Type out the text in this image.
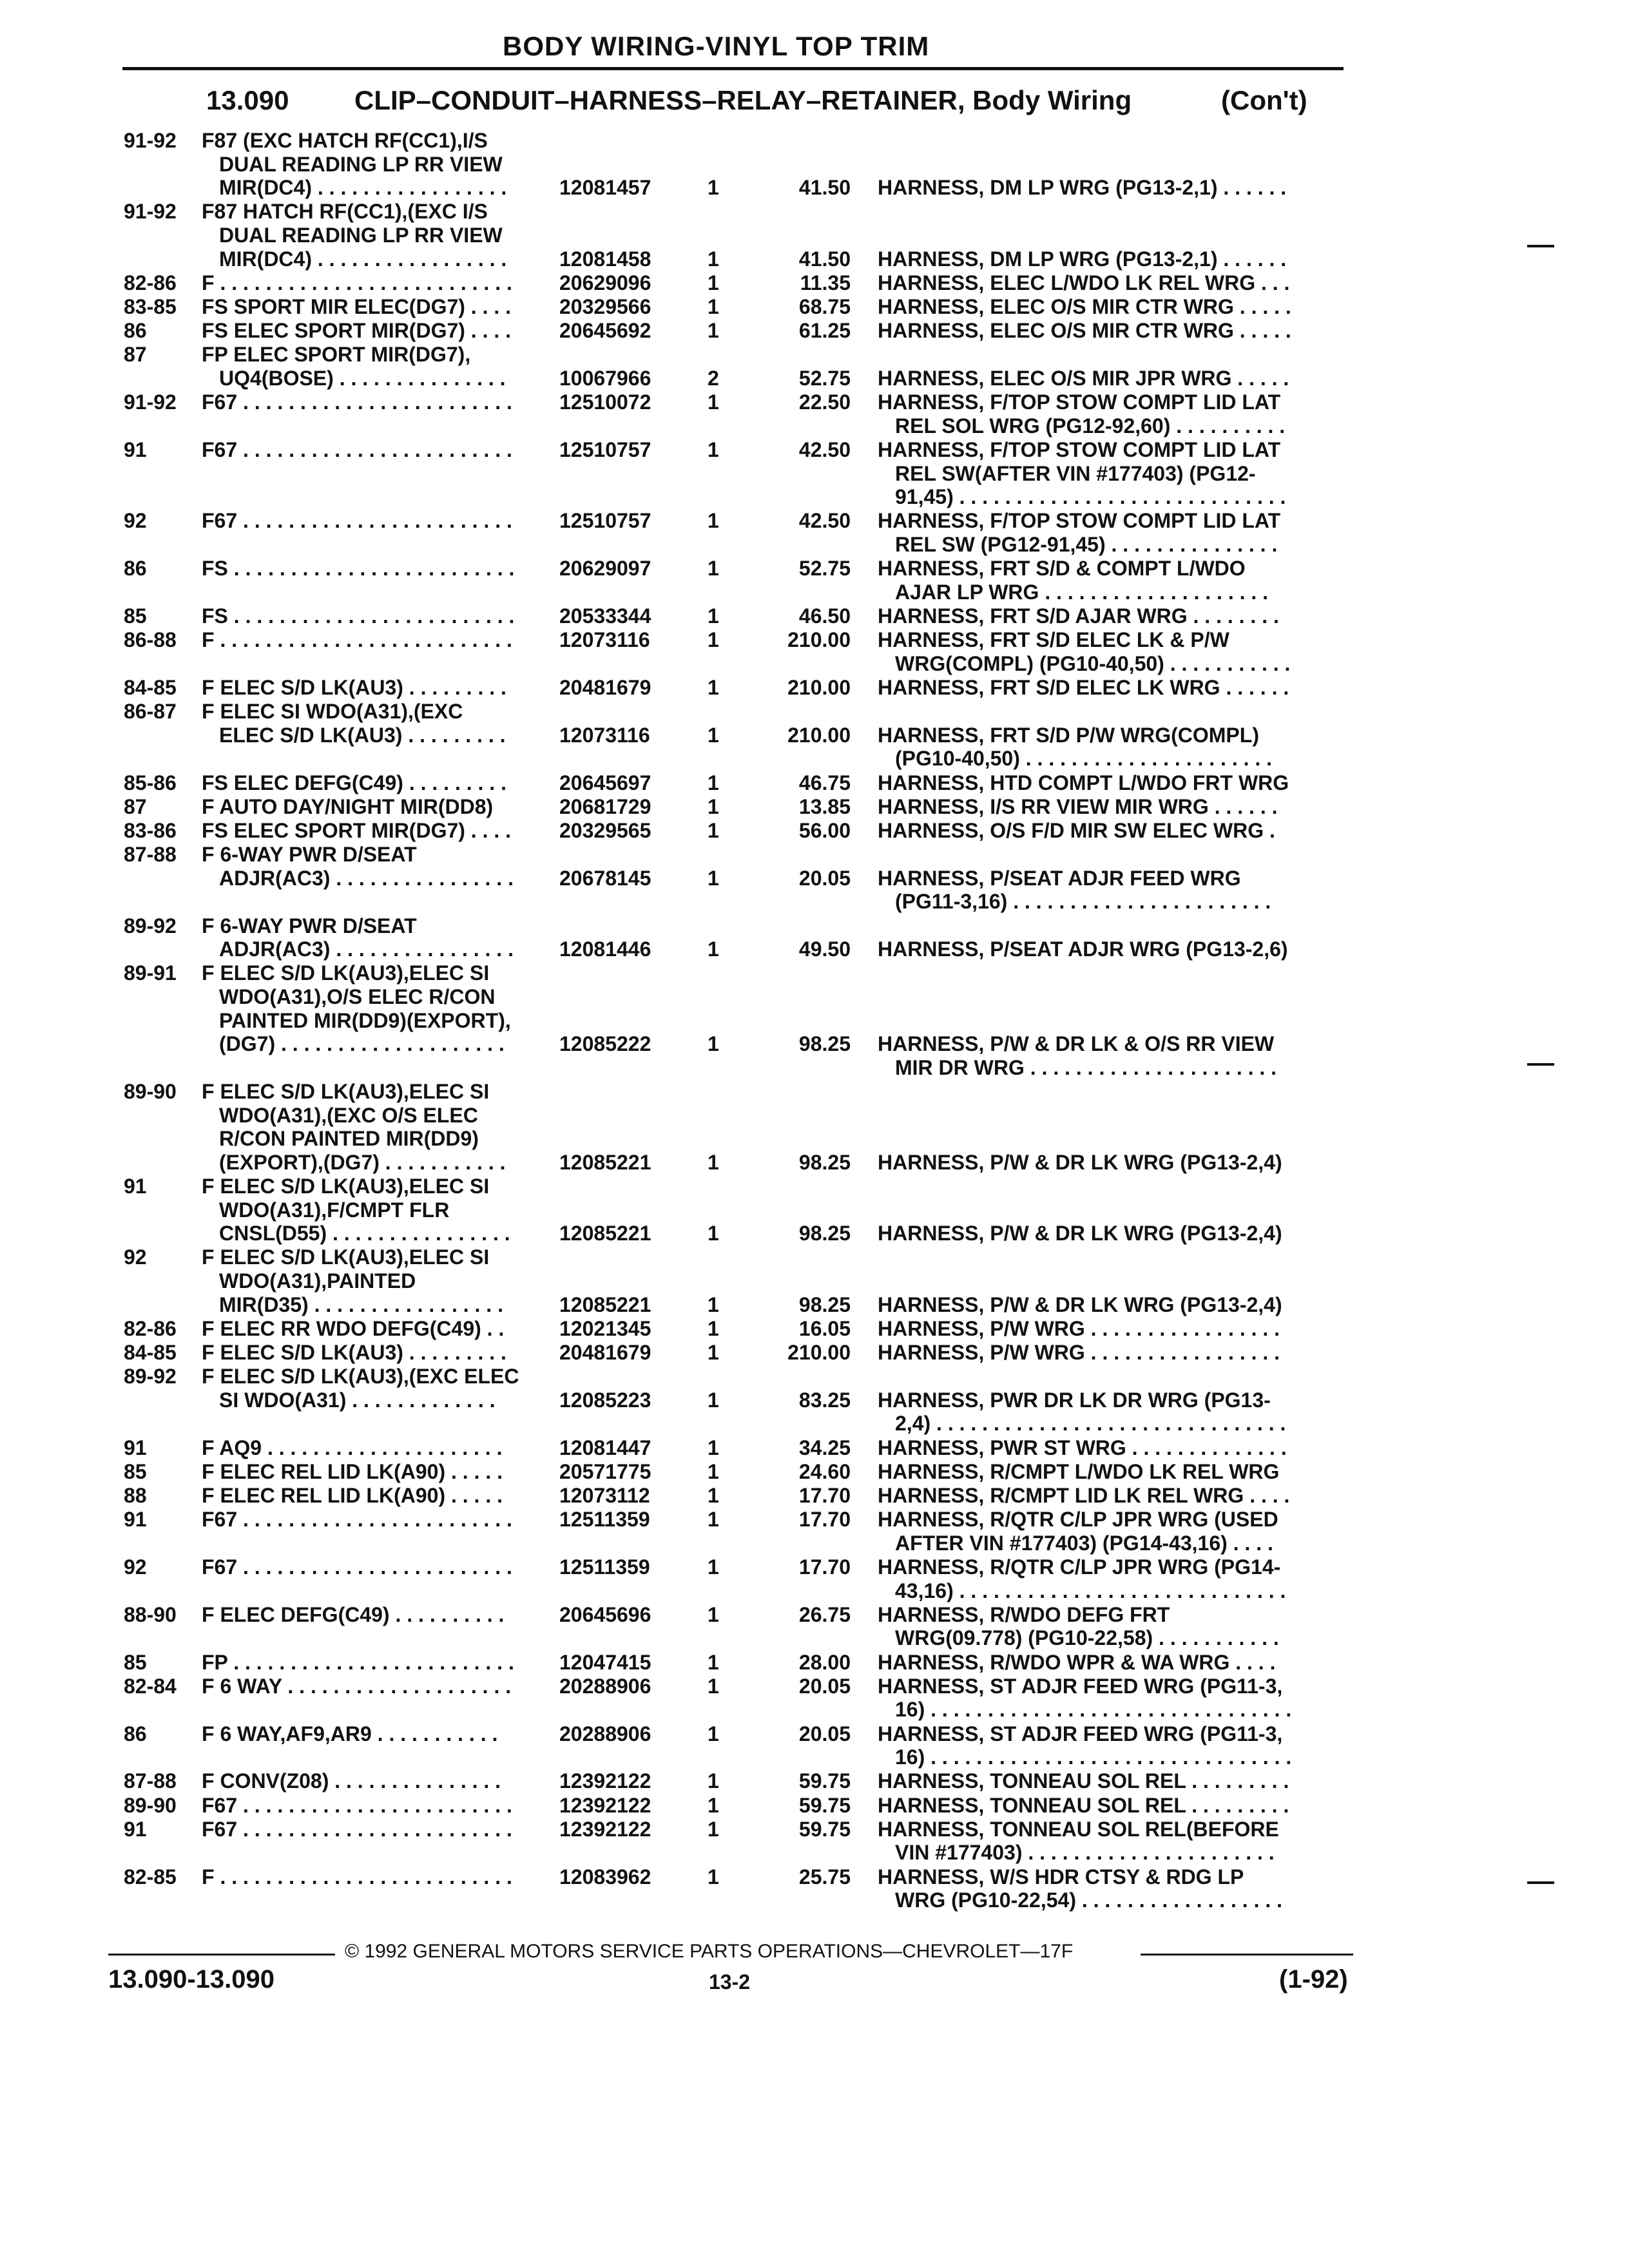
BODY WIRING-VINYL TOP TRIM
13.090 CLIP–CONDUIT–HARNESS–RELAY–RETAINER, Body Wiring	(Con't)
91-92 F87 (EXC HATCH RF(CC1),I/S
DUAL READING LP RR VIEW
MIR(DC4) . . . . . . . . . . . . . . . . .	12081457	1	41.50 HARNESS, DM LP WRG (PG13-2,1) . . . . . .
91-92 F87 HATCH RF(CC1),(EXC I/S
DUAL READING LP RR VIEW
MIR(DC4) . . . . . . . . . . . . . . . . .	12081458	1	41.50 HARNESS, DM LP WRG (PG13-2,1) . . . . . .
82-86 F . . . . . . . . . . . . . . . . . . . . . . . . . .	20629096	1	11.35 HARNESS, ELEC L/WDO LK REL WRG . . .
83-85 FS SPORT MIR ELEC(DG7) . . . .	20329566	1	68.75 HARNESS, ELEC O/S MIR CTR WRG . . . . .
86	FS ELEC SPORT MIR(DG7) . . . .	20645692	1	61.25 HARNESS, ELEC O/S MIR CTR WRG . . . . .
87	FP ELEC SPORT MIR(DG7),
UQ4(BOSE) . . . . . . . . . . . . . . .	10067966	2	52.75 HARNESS, ELEC O/S MIR JPR WRG . . . . .
91-92 F67 . . . . . . . . . . . . . . . . . . . . . . . .	12510072	1	22.50 HARNESS, F/TOP STOW COMPT LID LAT
REL SOL WRG (PG12-92,60) . . . . . . . . . .
91	F67 . . . . . . . . . . . . . . . . . . . . . . . .	12510757	1	42.50 HARNESS, F/TOP STOW COMPT LID LAT
REL SW(AFTER VIN #177403) (PG12-
91,45) . . . . . . . . . . . . . . . . . . . . . . . . . . . . .
92	F67 . . . . . . . . . . . . . . . . . . . . . . . .	12510757	1	42.50 HARNESS, F/TOP STOW COMPT LID LAT
REL SW (PG12-91,45) . . . . . . . . . . . . . . .
86	FS . . . . . . . . . . . . . . . . . . . . . . . . .	20629097	1	52.75 HARNESS, FRT S/D & COMPT L/WDO
AJAR LP WRG . . . . . . . . . . . . . . . . . . . .
85	FS . . . . . . . . . . . . . . . . . . . . . . . . .	20533344	1	46.50 HARNESS, FRT S/D AJAR WRG . . . . . . . .
86-88 F . . . . . . . . . . . . . . . . . . . . . . . . . .	12073116	1	210.00 HARNESS, FRT S/D ELEC LK & P/W
WRG(COMPL) (PG10-40,50) . . . . . . . . . . .
84-85 F ELEC S/D LK(AU3) . . . . . . . . .	20481679	1	210.00 HARNESS, FRT S/D ELEC LK WRG . . . . . .
86-87 F ELEC SI WDO(A31),(EXC
ELEC S/D LK(AU3) . . . . . . . . .	12073116	1	210.00 HARNESS, FRT S/D P/W WRG(COMPL)
(PG10-40,50) . . . . . . . . . . . . . . . . . . . . . .
85-86 FS ELEC DEFG(C49) . . . . . . . . .	20645697	1	46.75 HARNESS, HTD COMPT L/WDO FRT WRG
87	F AUTO DAY/NIGHT MIR(DD8)	20681729	1	13.85 HARNESS, I/S RR VIEW MIR WRG . . . . . .
83-86 FS ELEC SPORT MIR(DG7) . . . .	20329565	1	56.00 HARNESS, O/S F/D MIR SW ELEC WRG .
87-88 F 6-WAY PWR D/SEAT
ADJR(AC3) . . . . . . . . . . . . . . . .	20678145	1	20.05 HARNESS, P/SEAT ADJR FEED WRG
(PG11-3,16) . . . . . . . . . . . . . . . . . . . . . . .
89-92 F 6-WAY PWR D/SEAT
ADJR(AC3) . . . . . . . . . . . . . . . .	12081446	1	49.50 HARNESS, P/SEAT ADJR WRG (PG13-2,6)
89-91 F ELEC S/D LK(AU3),ELEC SI
WDO(A31),O/S ELEC R/CON
PAINTED MIR(DD9)(EXPORT),
(DG7) . . . . . . . . . . . . . . . . . . . .	12085222	1	98.25 HARNESS, P/W & DR LK & O/S RR VIEW
MIR DR WRG . . . . . . . . . . . . . . . . . . . . . .
89-90 F ELEC S/D LK(AU3),ELEC SI
WDO(A31),(EXC O/S ELEC
R/CON PAINTED MIR(DD9)
(EXPORT),(DG7) . . . . . . . . . . .	12085221	1	98.25 HARNESS, P/W & DR LK WRG (PG13-2,4)
91	F ELEC S/D LK(AU3),ELEC SI
WDO(A31),F/CMPT FLR
CNSL(D55) . . . . . . . . . . . . . . . .	12085221	1	98.25 HARNESS, P/W & DR LK WRG (PG13-2,4)
92	F ELEC S/D LK(AU3),ELEC SI
WDO(A31),PAINTED
MIR(D35) . . . . . . . . . . . . . . . . .	12085221	1	98.25 HARNESS, P/W & DR LK WRG (PG13-2,4)
82-86 F ELEC RR WDO DEFG(C49) . .	12021345	1	16.05 HARNESS, P/W WRG . . . . . . . . . . . . . . . . .
84-85 F ELEC S/D LK(AU3) . . . . . . . . .	20481679	1	210.00 HARNESS, P/W WRG . . . . . . . . . . . . . . . . .
89-92 F ELEC S/D LK(AU3),(EXC ELEC
SI WDO(A31) . . . . . . . . . . . . .	12085223	1	83.25 HARNESS, PWR DR LK DR WRG (PG13-
2,4) . . . . . . . . . . . . . . . . . . . . . . . . . . . . . . .
91	F AQ9 . . . . . . . . . . . . . . . . . . . . .	12081447	1	34.25 HARNESS, PWR ST WRG . . . . . . . . . . . . . .
85	F ELEC REL LID LK(A90) . . . . .	20571775	1	24.60 HARNESS, R/CMPT L/WDO LK REL WRG
88	F ELEC REL LID LK(A90) . . . . .	12073112	1	17.70 HARNESS, R/CMPT LID LK REL WRG . . . .
91	F67 . . . . . . . . . . . . . . . . . . . . . . . .	12511359	1	17.70 HARNESS, R/QTR C/LP JPR WRG (USED
AFTER VIN #177403) (PG14-43,16) . . . .
92	F67 . . . . . . . . . . . . . . . . . . . . . . . .	12511359	1	17.70 HARNESS, R/QTR C/LP JPR WRG (PG14-
43,16) . . . . . . . . . . . . . . . . . . . . . . . . . . . . .
88-90 F ELEC DEFG(C49) . . . . . . . . . .	20645696	1	26.75 HARNESS, R/WDO DEFG FRT
WRG(09.778) (PG10-22,58) . . . . . . . . . . .
85	FP . . . . . . . . . . . . . . . . . . . . . . . . .	12047415	1	28.00 HARNESS, R/WDO WPR & WA WRG . . . .
82-84 F 6 WAY . . . . . . . . . . . . . . . . . . . .	20288906	1	20.05 HARNESS, ST ADJR FEED WRG (PG11-3,
16) . . . . . . . . . . . . . . . . . . . . . . . . . . . . . . . .
86	F 6 WAY,AF9,AR9 . . . . . . . . . . .	20288906	1	20.05 HARNESS, ST ADJR FEED WRG (PG11-3,
16) . . . . . . . . . . . . . . . . . . . . . . . . . . . . . . . .
87-88 F CONV(Z08) . . . . . . . . . . . . . . .	12392122	1	59.75 HARNESS, TONNEAU SOL REL . . . . . . . . .
89-90 F67 . . . . . . . . . . . . . . . . . . . . . . . .	12392122	1	59.75 HARNESS, TONNEAU SOL REL . . . . . . . . .
91	F67 . . . . . . . . . . . . . . . . . . . . . . . .	12392122	1	59.75 HARNESS, TONNEAU SOL REL(BEFORE
VIN #177403) . . . . . . . . . . . . . . . . . . . . . .
82-85 F . . . . . . . . . . . . . . . . . . . . . . . . . .	12083962	1	25.75 HARNESS, W/S HDR CTSY & RDG LP
WRG (PG10-22,54) . . . . . . . . . . . . . . . . . .
© 1992 GENERAL MOTORS SERVICE PARTS OPERATIONS—CHEVROLET—17F
13.090-13.090	13-2	(1-92)
